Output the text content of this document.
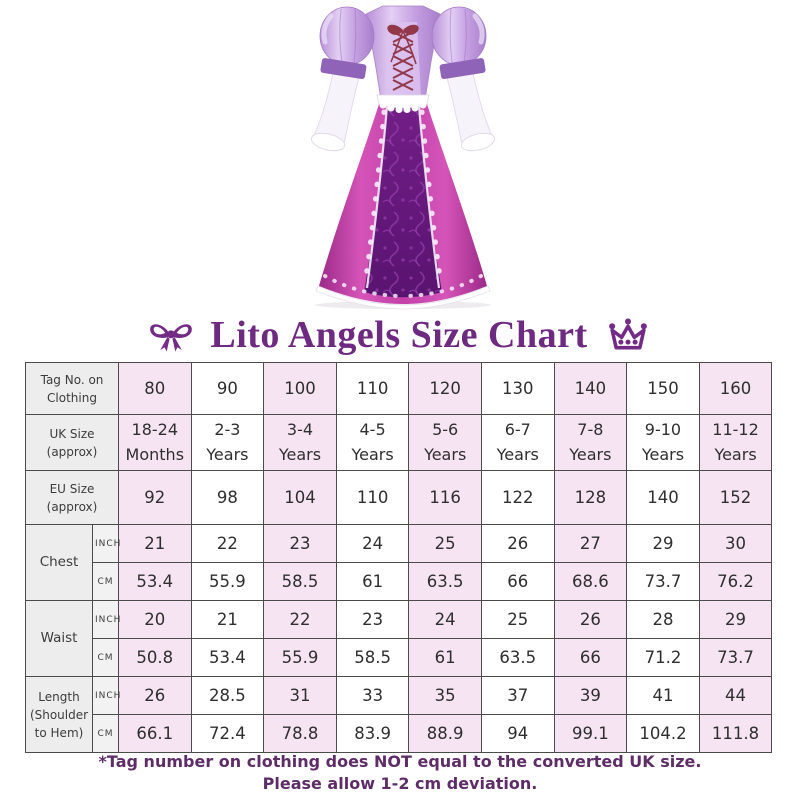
Lito Angels Size Chart
Tag No. on Clothing		80	90	100	110	120	130	140	150	160
UK Size (approx)		18-24 Months	2-3 Years	3-4 Years	4-5 Years	5-6 Years	6-7 Years	7-8 Years	9-10 Years	11-12 Years
EU Size (approx)		92	98	104	110	116	122	128	140	152
Chest	INCH	21	22	23	24	25	26	27	29	30
	CM	53.4	55.9	58.5	61	63.5	66	68.6	73.7	76.2
Waist	INCH	20	21	22	23	24	25	26	28	29
	CM	50.8	53.4	55.9	58.5	61	63.5	66	71.2	73.7
Length (Shoulder to Hem)	INCH	26	28.5	31	33	35	37	39	41	44
	CM	66.1	72.4	78.8	83.9	88.9	94	99.1	104.2	111.8
*Tag number on clothing does NOT equal to the converted UK size.
Please allow 1-2 cm deviation.
